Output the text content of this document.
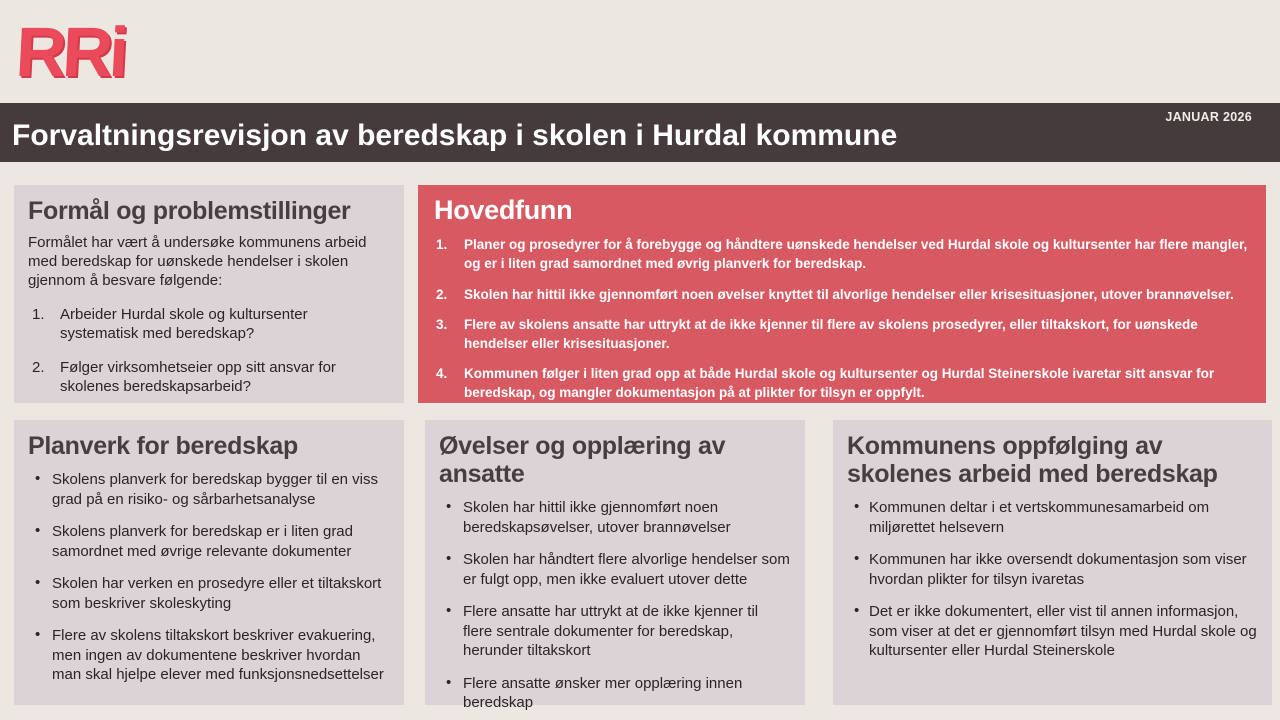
RRi
JANUAR 2026
Forvaltningsrevisjon av beredskap i skolen i Hurdal kommune
Formål og problemstillinger

Formålet har vært å undersøke kommunens arbeid med beredskap for uønskede hendelser i skolen gjennom å besvare følgende:

Arbeider Hurdal skole og kultursenter systematisk med beredskap?
Følger virksomhetseier opp sitt ansvar for skolenes beredskapsarbeid?
Hovedfunn
Planer og prosedyrer for å forebygge og håndtere uønskede hendelser ved Hurdal skole og kultursenter har flere mangler, og er i liten grad samordnet med øvrig planverk for beredskap.
Skolen har hittil ikke gjennomført noen øvelser knyttet til alvorlige hendelser eller krisesituasjoner, utover brannøvelser.
Flere av skolens ansatte har uttrykt at de ikke kjenner til flere av skolens prosedyrer, eller tiltakskort, for uønskede hendelser eller krisesituasjoner.
Kommunen følger i liten grad opp at både Hurdal skole og kultursenter og Hurdal Steinerskole ivaretar sitt ansvar for beredskap, og mangler dokumentasjon på at plikter for tilsyn er oppfylt.
Planverk for beredskap
• Skolens planverk for beredskap bygger til en viss grad på en risiko- og sårbarhetsanalyse
• Skolens planverk for beredskap er i liten grad samordnet med øvrige relevante dokumenter
• Skolen har verken en prosedyre eller et tiltakskort som beskriver skoleskyting
• Flere av skolens tiltakskort beskriver evakuering, men ingen av dokumentene beskriver hvordan man skal hjelpe elever med funksjonsnedsettelser
Øvelser og opplæring av ansatte
• Skolen har hittil ikke gjennomført noen beredskapsøvelser, utover brannøvelser
• Skolen har håndtert flere alvorlige hendelser som er fulgt opp, men ikke evaluert utover dette
• Flere ansatte har uttrykt at de ikke kjenner til flere sentrale dokumenter for beredskap, herunder tiltakskort
• Flere ansatte ønsker mer opplæring innen beredskap
Kommunens oppfølging av skolenes arbeid med beredskap
• Kommunen deltar i et vertskommunesamarbeid om miljørettet helsevern
• Kommunen har ikke oversendt dokumentasjon som viser hvordan plikter for tilsyn ivaretas
• Det er ikke dokumentert, eller vist til annen informasjon, som viser at det er gjennomført tilsyn med Hurdal skole og kultursenter eller Hurdal Steinerskole
